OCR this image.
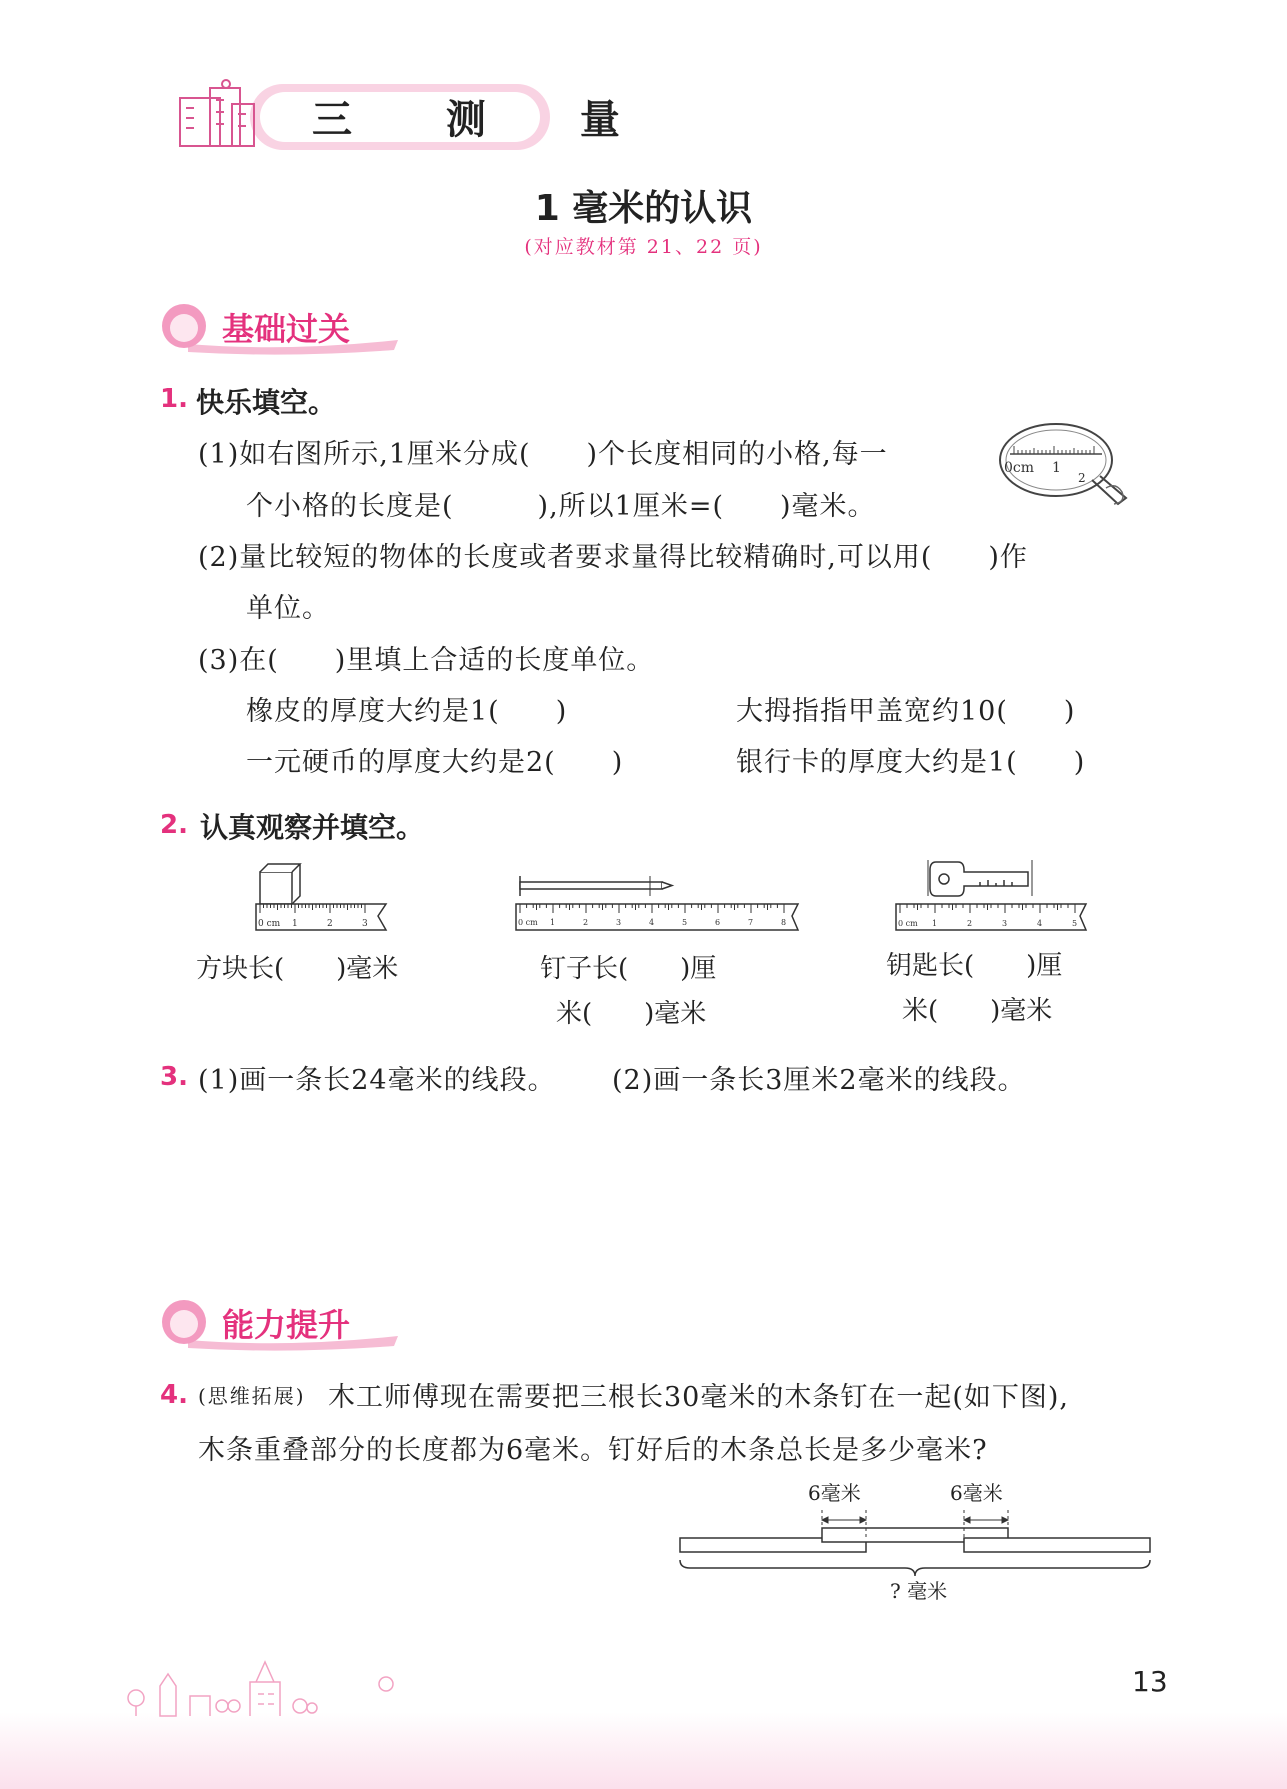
三 测 量
1 毫米的认识
(对应教材第 21、22 页)
基础过关
1. 快乐填空。
(1)如右图所示,1厘米分成(　　)个长度相同的小格,每一
个小格的长度是(　　　),所以1厘米=(　　)毫米。
(2)量比较短的物体的长度或者要求量得比较精确时,可以用(　　)作
单位。
(3)在(　　)里填上合适的长度单位。
橡皮的厚度大约是1(　　)	大拇指指甲盖宽约10(　　)
一元硬币的厚度大约是2(　　)	银行卡的厚度大约是1(　　)
0cm 1
2
2. 认真观察并填空。
0 cm 1	2	3
方块长(　　)毫米
0 cm 1	2	3	4	5	6	7	8
钉子长(　　)厘
米(　　)毫米
0 cm 1	2	3	4	5
钥匙长(　　)厘
米(　　)毫米
3. (1)画一条长24毫米的线段。 (2)画一条长3厘米2毫米的线段。
能力提升
4. (思维拓展) 木工师傅现在需要把三根长30毫米的木条钉在一起(如下图),
木条重叠部分的长度都为6毫米。钉好后的木条总长是多少毫米?
6毫米	6毫米
? 毫米
13
